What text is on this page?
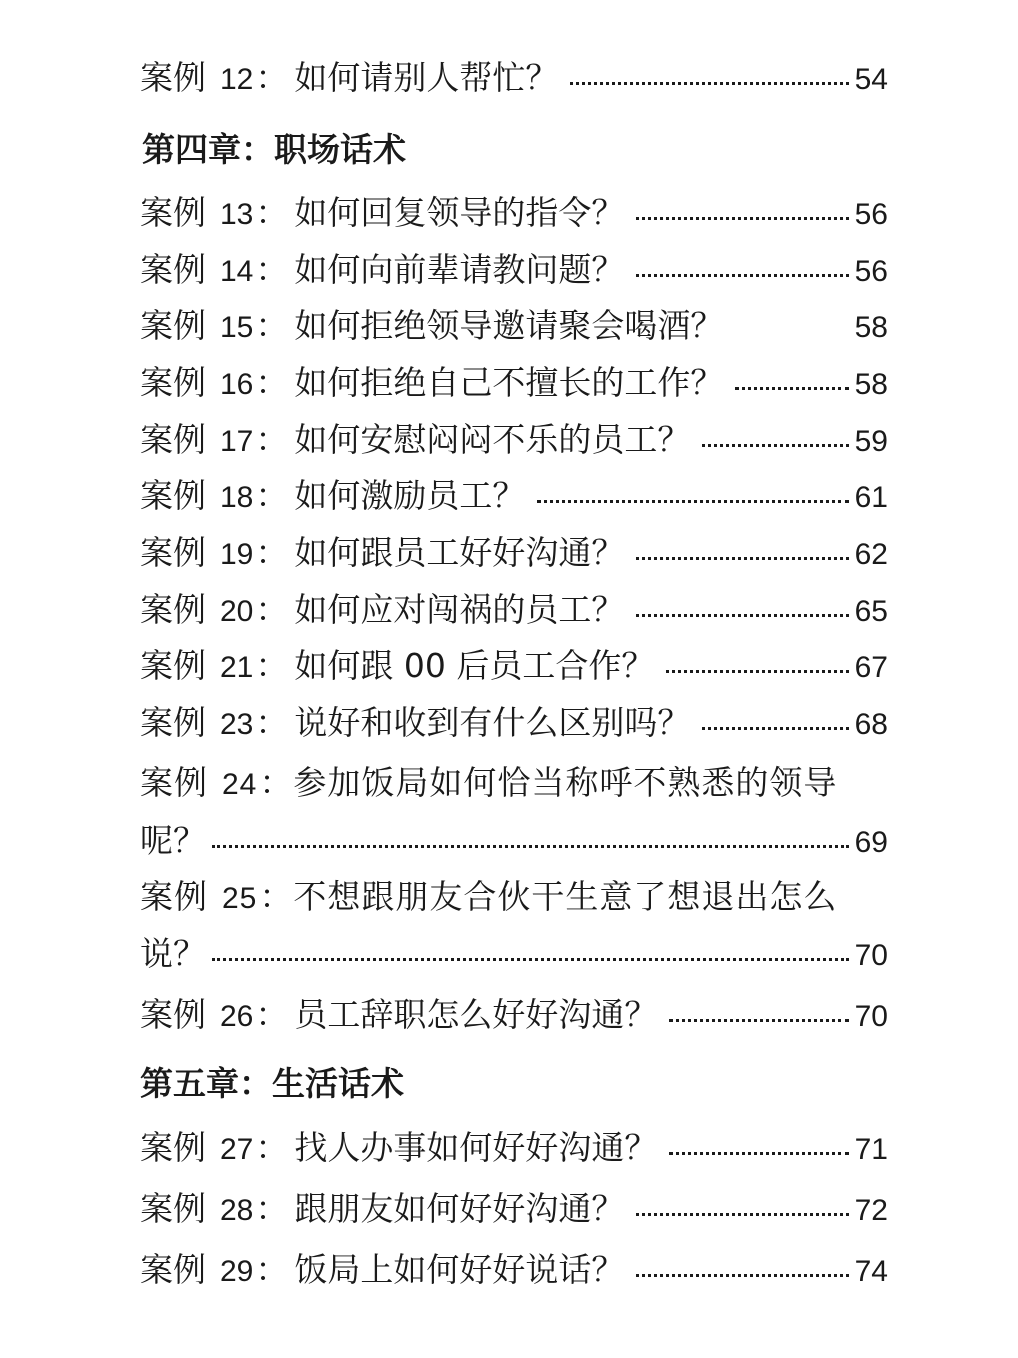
案例 12 ： 如何请别人帮忙？	54
第四章：职场话术
案例 13 ： 如何回复领导的指令？	56
案例 14 ： 如何向前辈请教问题？	56
案例 15 ： 如何拒绝领导邀请聚会喝酒？	58
案例 16 ： 如何拒绝自己不擅长的工作？	58
案例 17 ： 如何安慰闷闷不乐的员工？	59
案例 18 ： 如何激励员工？	61
案例 19 ： 如何跟员工好好沟通？	62
案例 20 ： 如何应对闯祸的员工？	65
案例 21 ： 如何跟 00 后员工合作？	67
案例 23 ： 说好和收到有什么区别吗？	68
案例 24：参加饭局如何恰当称呼不熟悉的领导
呢？	69
案例 25：不想跟朋友合伙干生意了想退出怎么
说？	70
案例 26 ： 员工辞职怎么好好沟通？	70
第五章：生活话术
案例 27 ： 找人办事如何好好沟通？	71
案例 28 ： 跟朋友如何好好沟通？	72
案例 29 ： 饭局上如何好好说话？	74
